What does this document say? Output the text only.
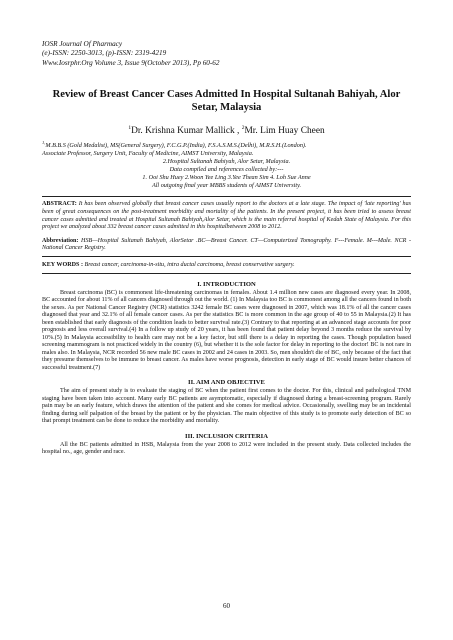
IOSR Journal Of Pharmacy
(e)-ISSN: 2250-3013, (p)-ISSN: 2319-4219
Www.Iosrphr.Org Volume 3, Issue 9(October 2013), Pp 60-62
Review of Breast Cancer Cases Admitted In Hospital Sultanah Bahiyah, Alor Setar, Malaysia
$^1$Dr. Krishna Kumar Mallick , $^2$Mr. Lim Huay Cheen
$^{1,}$M.B.B.S (Gold Medalist), MS(General Surgery), F.C.G.P.(India), F.S.A.S.M.S.(Delhi), M.R.S.H.(London).
Associate Professor, Surgery Unit, Faculty of Medicine, AIMST University, Malaysia.
2.Hospital Sultanah Bahiyah, Alor Setar, Malaysia.
Data compiled and references collected by:---
1. Ooi Shu Huey 2.Woon Yee Ling 3.Yee Thean Sim 4. Loh Sue Anne
All outgoing final year MBBS students of AIMST University.
ABSTRACT: It has been observed globally that breast cancer cases usually report to the doctors at a late stage. The impact of 'late reporting' has been of great consequences on the post-treatment morbidity and mortality of the patients. In the present project, it has been tried to assess breast cancer cases admitted and treated at Hospital Sultanah Bahiyah,Alor Setar, which is the main referral hospital of Kedah State of Malaysia. For this project we analyzed about 332 breast cancer cases admitted in this hospitalbetween 2008 to 2012.
Abbreviation: HSB—Hospital Sultanah Bahiyah, AlorSetar .BC—Breast Cancer. CT—Computerized Tomography. F---Female. M---Male. NCR - National Cancer Registry.
KEY WORDS : Breast cancer, carcinoma-in-situ, intra ductal carcinoma, breast conservative surgery.
I. INTRODUCTION

Breast carcinoma (BC) is commonest life-threatening carcinomas in females. About 1.4 million new cases are diagnosed every year. In 2008, BC accounted for about 11% of all cancers diagnosed through out the world. (1) In Malaysia too BC is commonest among all the cancers found in both the sexes. As per National Cancer Registry (NCR) statistics 3242 female BC cases were diagnosed in 2007, which was 18.1% of all the cancer cases diagnosed that year and 32.1% of all female cancer cases. As per the statistics BC is more common in the age group of 40 to 55 in Malaysia.(2) It has been established that early diagnosis of the condition leads to better survival rate.(3) Contrary to that reporting at an advanced stage accounts for poor prognosis and less overall survival.(4) In a follow up study of 20 years, it has been found that patient delay beyond 3 months reduce the survival by 10%.(5) In Malaysia accessibility to health care may not be a key factor, but still there is a delay in reporting the cases. Though population based screening mammogram is not practiced widely in the country (6), but whether it is the sole factor for delay in reporting to the doctor! BC is not rare in males also. In Malaysia, NCR recorded 56 new male BC cases in 2002 and 24 cases in 2003. So, men shouldn't die of BC, only because of the fact that they presume themselves to be immune to breast cancer. As males have worse prognosis, detection in early stage of BC would insure better chances of successful treatment.(7)

II. AIM AND OBJECTIVE

The aim of present study is to evaluate the staging of BC when the patient first comes to the doctor. For this, clinical and pathological TNM staging have been taken into account. Many early BC patients are asymptomatic, especially if diagnosed during a breast-screening program. Rarely pain may be an early feature, which draws the attention of the patient and she comes for medical advice. Occasionally, swelling may be an incidental finding during self palpation of the breast by the patient or by the physician. The main objective of this study is to promote early detection of BC so that prompt treatment can be done to reduce the morbidity and mortality.

III. INCLUSION CRITERIA

All the BC patients admitted in HSB, Malaysia from the year 2008 to 2012 were included in the present study. Data collected includes the hospital no., age, gender and race.

60
